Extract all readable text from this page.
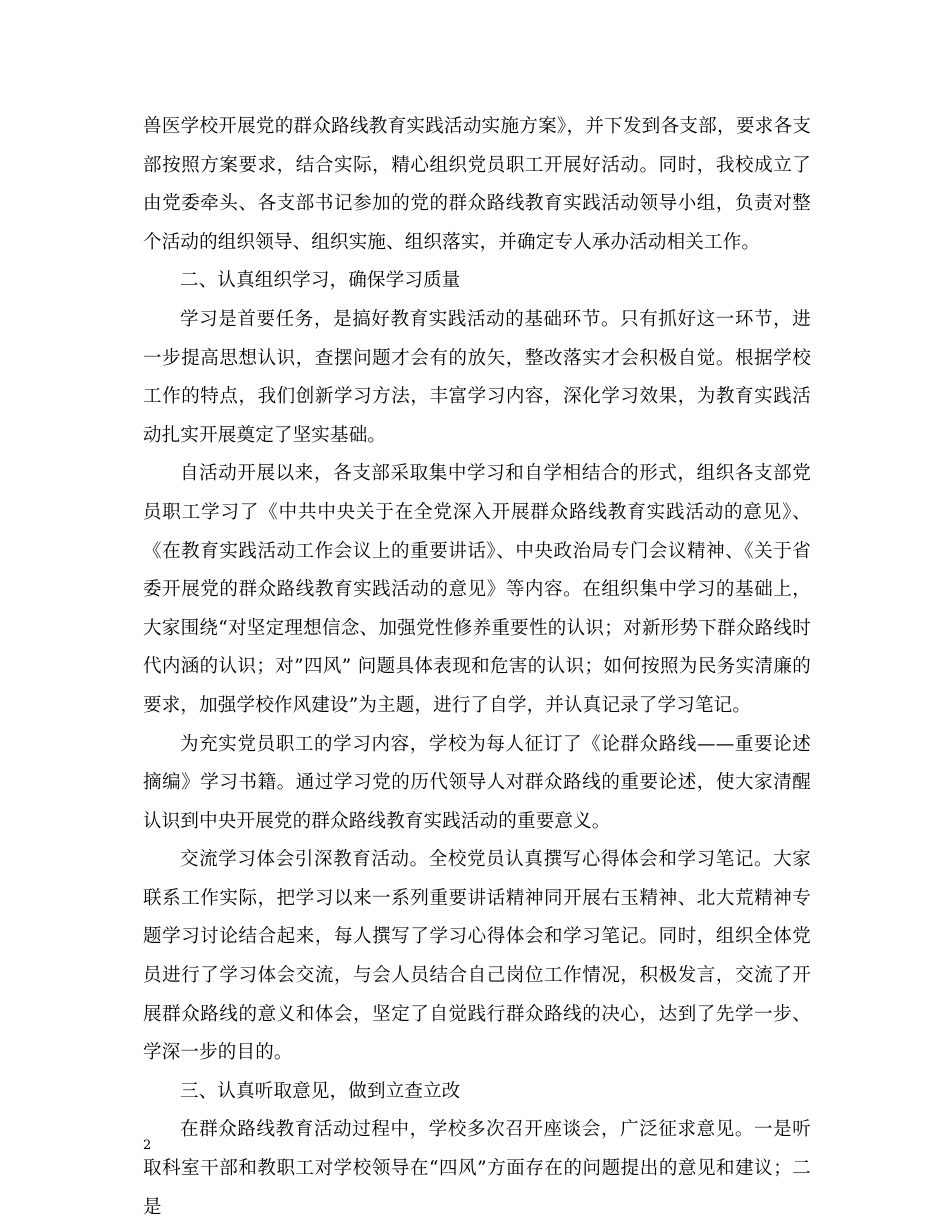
兽医学校开展党的群众路线教育实践活动实施方案》，并下发到各支部，要求各支部按照方案要求，结合实际，精心组织党员职工开展好活动。同时，我校成立了由党委牵头、各支部书记参加的党的群众路线教育实践活动领导小组，负责对整个活动的组织领导、组织实施、组织落实，并确定专人承办活动相关工作。

二、认真组织学习，确保学习质量

学习是首要任务，是搞好教育实践活动的基础环节。只有抓好这一环节，进一步提高思想认识，查摆问题才会有的放矢，整改落实才会积极自觉。根据学校工作的特点，我们创新学习方法，丰富学习内容，深化学习效果，为教育实践活动扎实开展奠定了坚实基础。

自活动开展以来，各支部采取集中学习和自学相结合的形式，组织各支部党员职工学习了《中共中央关于在全党深入开展群众路线教育实践活动的意见》、《在教育实践活动工作会议上的重要讲话》、中央政治局专门会议精神、《关于省委开展党的群众路线教育实践活动的意见》等内容。在组织集中学习的基础上，大家围绕“对坚定理想信念、加强党性修养重要性的认识；对新形势下群众路线时代内涵的认识；对”四风” 问题具体表现和危害的认识；如何按照为民务实清廉的要求，加强学校作风建设”为主题，进行了自学，并认真记录了学习笔记。

为充实党员职工的学习内容，学校为每人征订了《论群众路线——重要论述摘编》学习书籍。通过学习党的历代领导人对群众路线的重要论述，使大家清醒认识到中央开展党的群众路线教育实践活动的重要意义。

交流学习体会引深教育活动。全校党员认真撰写心得体会和学习笔记。大家联系工作实际，把学习以来一系列重要讲话精神同开展右玉精神、北大荒精神专题学习讨论结合起来，每人撰写了学习心得体会和学习笔记。同时，组织全体党员进行了学习体会交流，与会人员结合自己岗位工作情况，积极发言，交流了开展群众路线的意义和体会，坚定了自觉践行群众路线的决心，达到了先学一步、学深一步的目的。

三、认真听取意见，做到立查立改

在群众路线教育活动过程中，学校多次召开座谈会，广泛征求意见。一是听取科室干部和教职工对学校领导在“四风”方面存在的问题提出的意见和建议；二是

2
